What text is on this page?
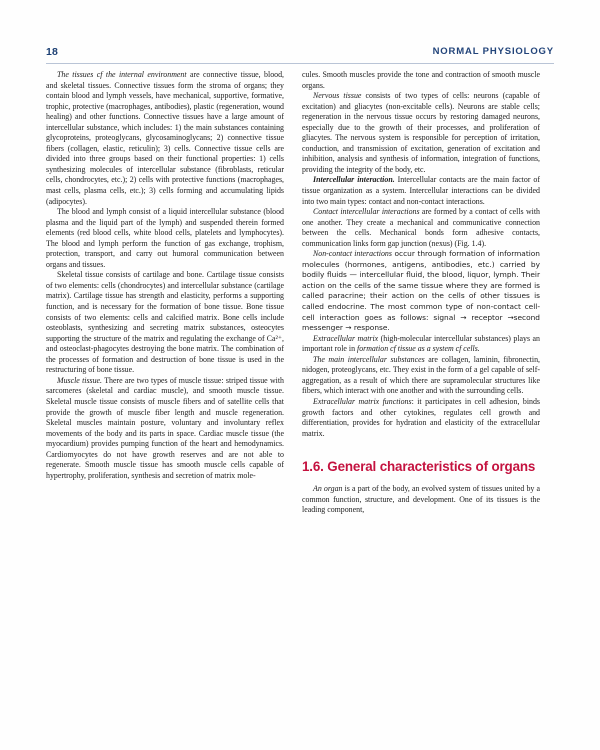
18	NORMAL PHYSIOLOGY

The tissues cf the internal environment are connective tissue, blood, and skeletal tissues. Connective tissues form the stroma of organs; they contain blood and lymph vessels, have mechanical, supportive, formative, trophic, protective (macrophages, antibodies), plastic (regeneration, wound healing) and other functions. Connective tissues have a large amount of intercellular substance, which includes: 1) the main substances containing glycoproteins, proteoglycans, glycosaminoglycans; 2) connective tissue fibers (collagen, elastic, reticulin); 3) cells. Connective tissue cells are divided into three groups based on their functional properties: 1) cells synthesizing molecules of intercellular substance (fibroblasts, reticular cells, chondrocytes, etc.); 2) cells with protective functions (macrophages, mast cells, plasma cells, etc.); 3) cells forming and accumulating lipids (adipocytes).

The blood and lymph consist of a liquid intercellular substance (blood plasma and the liquid part of the lymph) and suspended therein formed elements (red blood cells, white blood cells, platelets and lymphocytes). The blood and lymph perform the function of gas exchange, trophism, protection, transport, and carry out humoral communication between organs and tissues.

Skeletal tissue consists of cartilage and bone. Cartilage tissue consists of two elements: cells (chondrocytes) and intercellular substance (cartilage matrix). Cartilage tissue has strength and elasticity, performs a supporting function, and is necessary for the formation of bone tissue. Bone tissue consists of two elements: cells and calcified matrix. Bone cells include osteoblasts, synthesizing and secreting matrix substances, osteocytes supporting the structure of the matrix and regulating the exchange of Ca²⁺, and osteoclast-phagocytes destroying the bone matrix. The combination of the processes of formation and destruction of bone tissue is used in the restructuring of bone tissue.

Muscle tissue. There are two types of muscle tissue: striped tissue with sarcomeres (skeletal and cardiac muscle), and smooth muscle tissue. Skeletal muscle tissue consists of muscle fibers and of satellite cells that provide the growth of muscle fiber length and muscle regeneration. Skeletal muscles maintain posture, voluntary and involuntary reflex movements of the body and its parts in space. Cardiac muscle tissue (the myocardium) provides pumping function of the heart and hemodynamics. Cardiomyocytes do not have growth reserves and are not able to regenerate. Smooth muscle tissue has smooth muscle cells capable of hypertrophy, proliferation, synthesis and secretion of matrix mole-

cules. Smooth muscles provide the tone and contraction of smooth muscle organs.

Nervous tissue consists of two types of cells: neurons (capable of excitation) and gliacytes (non-excitable cells). Neurons are stable cells; regeneration in the nervous tissue occurs by restoring damaged neurons, especially due to the growth of their processes, and proliferation of gliacytes. The nervous system is responsible for perception of irritation, conduction, and transmission of excitation, generation of excitation and inhibition, analysis and synthesis of information, integration of functions, providing the integrity of the body, etc.

Intercellular interaction. Intercellular contacts are the main factor of tissue organization as a system. Intercellular interactions can be divided into two main types: contact and non-contact interactions.

Contact intercellular interactions are formed by a contact of cells with one another. They create a mechanical and communicative connection between the cells. Mechanical bonds form adhesive contacts, communication links form gap junction (nexus) (Fig. 1.4).

Non-contact interactions occur through formation of information molecules (hormones, antigens, antibodies, etc.) carried by bodily fluids — intercellular fluid, the blood, liquor, lymph. Their action on the cells of the same tissue where they are formed is called paracrine; their action on the cells of other tissues is called endocrine. The most common type of non-contact cell-cell interaction goes as follows: signal → receptor →second messenger → response.

Extracellular matrix (high-molecular intercellular substances) plays an important role in formation cf tissue as a system cf cells.

The main intercellular substances are collagen, laminin, fibronectin, nidogen, proteoglycans, etc. They exist in the form of a gel capable of self-aggregation, as a result of which there are supramolecular structures like fibers, which interact with one another and with the surrounding cells.

Extracellular matrix functions: it participates in cell adhesion, binds growth factors and other cytokines, regulates cell growth and differentiation, provides for hydration and elasticity of the extracellular matrix.

1.6. General characteristics of organs

An organ is a part of the body, an evolved system of tissues united by a common function, structure, and development. One of its tissues is the leading component,
